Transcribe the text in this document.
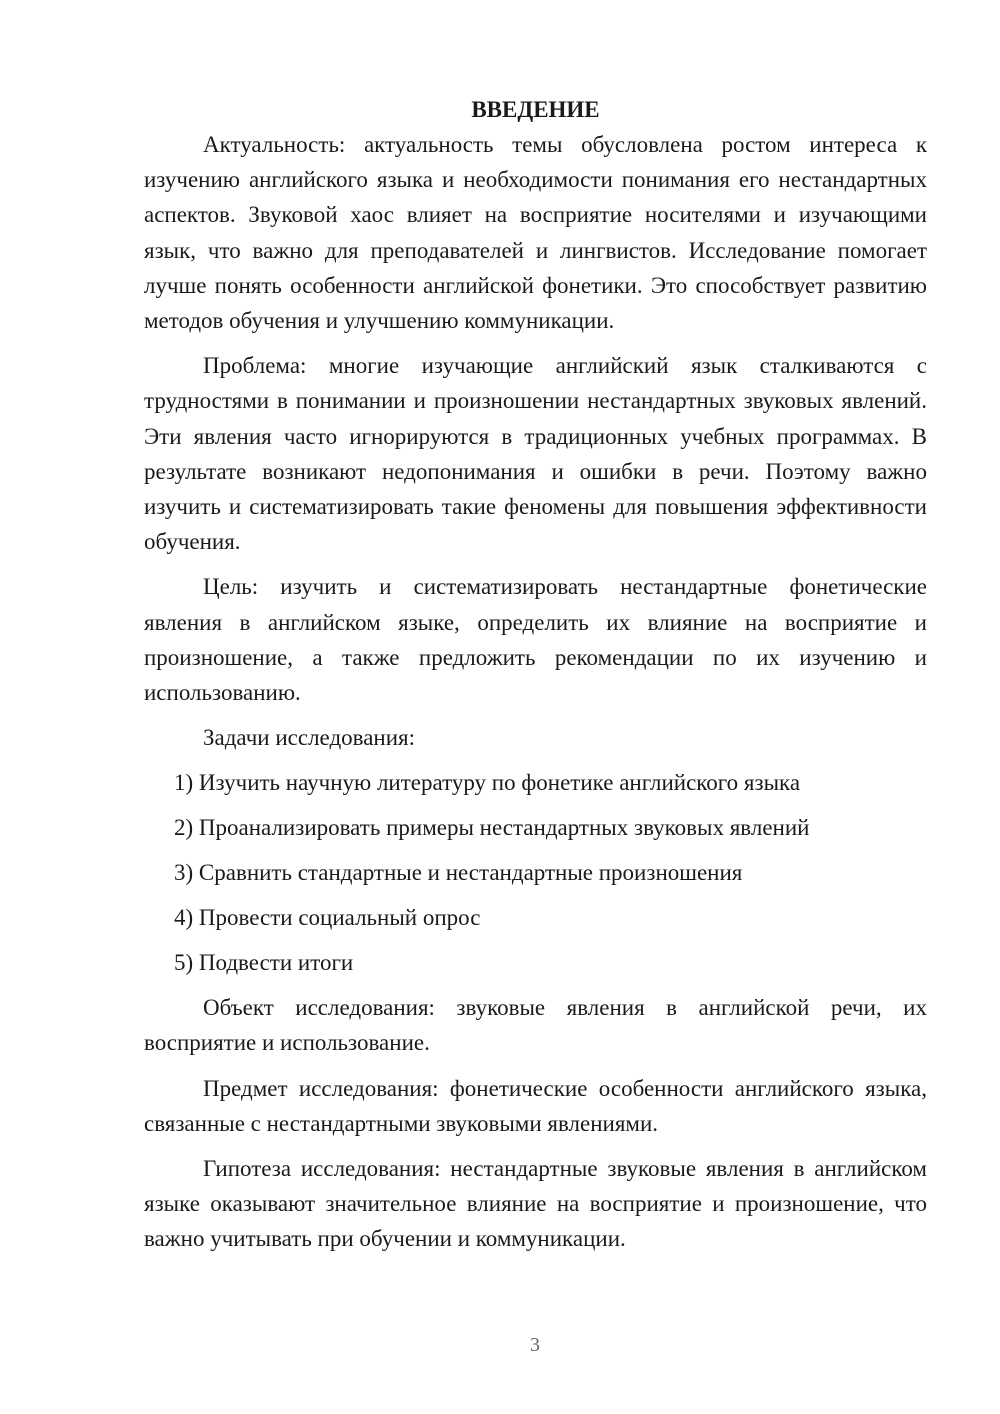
ВВЕДЕНИЕ

Актуальность: актуальность темы обусловлена ростом интереса к изучению английского языка и необходимости понимания его нестандартных аспектов. Звуковой хаос влияет на восприятие носителями и изучающими язык, что важно для преподавателей и лингвистов. Исследование помогает лучше понять особенности английской фонетики. Это способствует развитию методов обучения и улучшению коммуникации.

Проблема: многие изучающие английский язык сталкиваются с трудностями в понимании и произношении нестандартных звуковых явлений. Эти явления часто игнорируются в традиционных учебных программах. В результате возникают недопонимания и ошибки в речи. Поэтому важно изучить и систематизировать такие феномены для повышения эффективности обучения.

Цель: изучить и систематизировать нестандартные фонетические явления в английском языке, определить их влияние на восприятие и произношение, а также предложить рекомендации по их изучению и использованию.

Задачи исследования:

1) Изучить научную литературу по фонетике английского языка
2) Проанализировать примеры нестандартных звуковых явлений
3) Сравнить стандартные и нестандартные произношения
4) Провести социальный опрос
5) Подвести итоги

Объект исследования: звуковые явления в английской речи, их восприятие и использование.

Предмет исследования: фонетические особенности английского языка, связанные с нестандартными звуковыми явлениями.

Гипотеза исследования: нестандартные звуковые явления в английском языке оказывают значительное влияние на восприятие и произношение, что важно учитывать при обучении и коммуникации.

3
